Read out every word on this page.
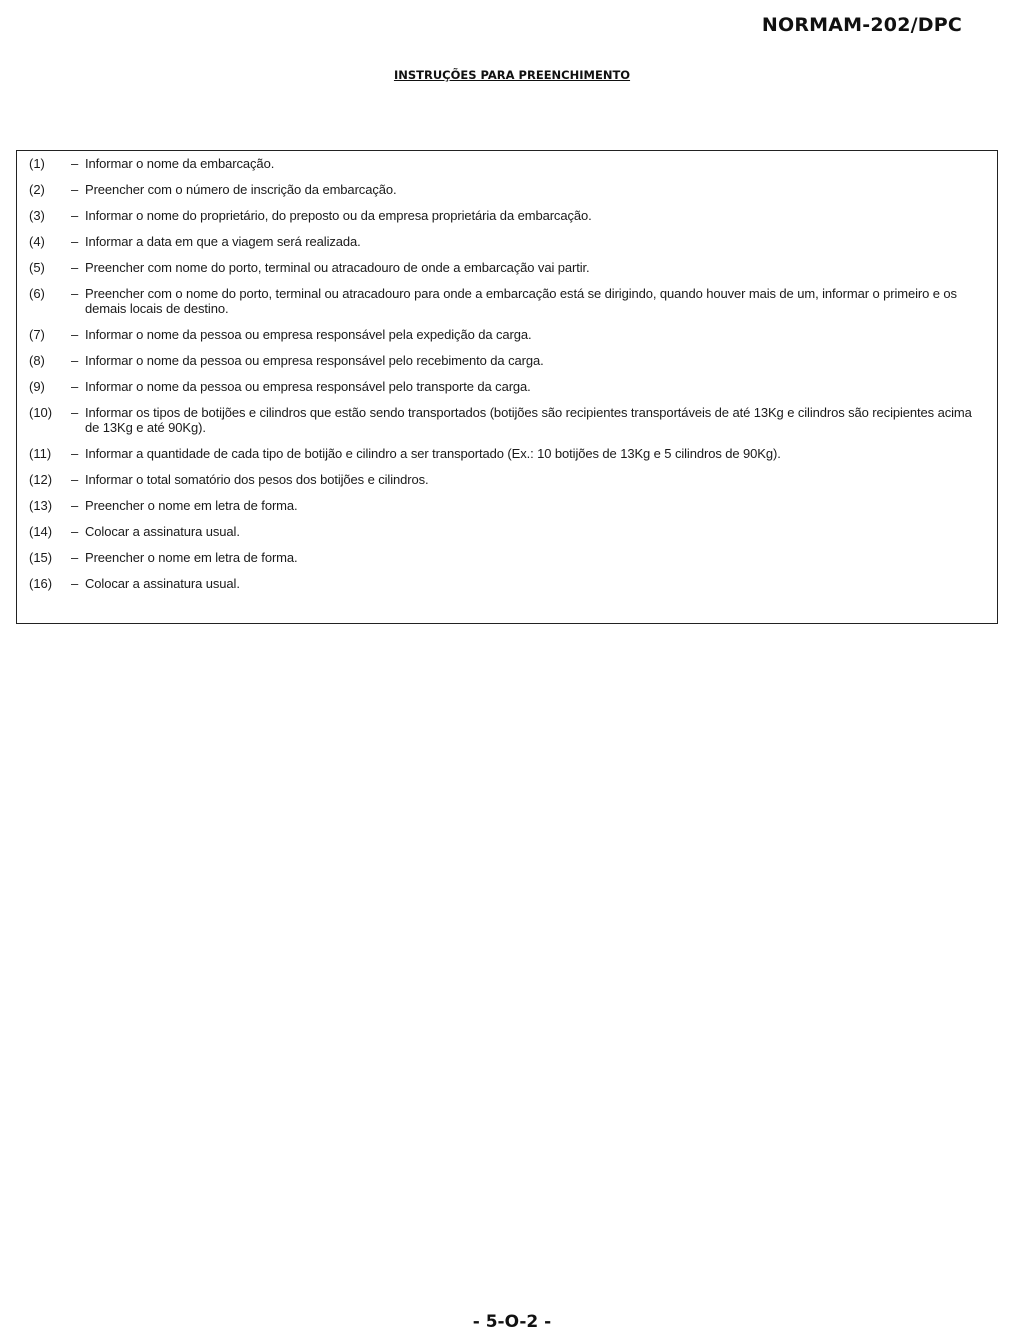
NORMAM-202/DPC
INSTRUÇÕES PARA PREENCHIMENTO
(1)	– Informar o nome da embarcação.
(2)	– Preencher com o número de inscrição da embarcação.
(3)	– Informar o nome do proprietário, do preposto ou da empresa proprietária da embarcação.
(4)	– Informar a data em que a viagem será realizada.
(5)	– Preencher com nome do porto, terminal ou atracadouro de onde a embarcação vai partir.
(6)	– Preencher com o nome do porto, terminal ou atracadouro para onde a embarcação está se dirigindo, quando houver mais de um, informar o primeiro e os demais locais de destino.
(7)	– Informar o nome da pessoa ou empresa responsável pela expedição da carga.
(8)	– Informar o nome da pessoa ou empresa responsável pelo recebimento da carga.
(9)	– Informar o nome da pessoa ou empresa responsável pelo transporte da carga.
(10)	– Informar os tipos de botijões e cilindros que estão sendo transportados (botijões são recipientes transportáveis de até 13Kg e cilindros são recipientes acima de 13Kg e até 90Kg).
(11)	– Informar a quantidade de cada tipo de botijão e cilindro a ser transportado (Ex.: 10 botijões de 13Kg e 5 cilindros de 90Kg).
(12)	– Informar o total somatório dos pesos dos botijões e cilindros.
(13)	– Preencher o nome em letra de forma.
(14)	– Colocar a assinatura usual.
(15)	– Preencher o nome em letra de forma.
(16)	– Colocar a assinatura usual.
- 5-O-2 -
